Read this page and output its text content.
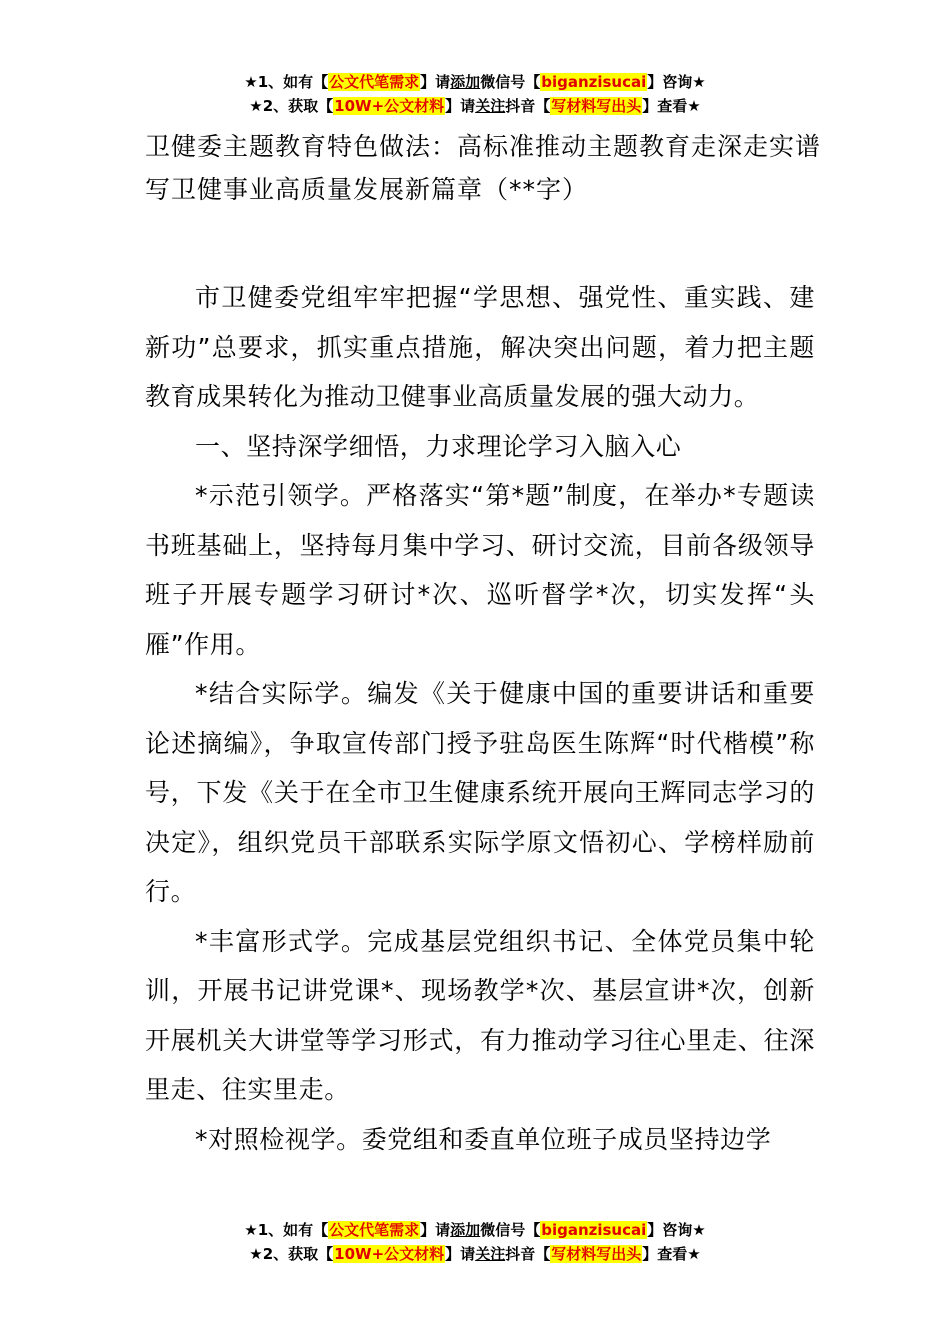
★1、如有【公文代笔需求】请添加微信号【biganzisucai】咨询★
★2、获取【10W+公文材料】请关注抖音【写材料写出头】查看★
卫健委主题教育特色做法：高标准推动主题教育走深走实谱写卫健事业高质量发展新篇章（**字）

市卫健委党组牢牢把握“学思想、强党性、重实践、建新功”总要求，抓实重点措施，解决突出问题，着力把主题教育成果转化为推动卫健事业高质量发展的强大动力。

一、坚持深学细悟，力求理论学习入脑入心

*示范引领学。严格落实“第*题”制度，在举办*专题读书班基础上，坚持每月集中学习、研讨交流，目前各级领导班子开展专题学习研讨*次、巡听督学*次，切实发挥“头雁”作用。

*结合实际学。编发《关于健康中国的重要讲话和重要论述摘编》，争取宣传部门授予驻岛医生陈辉“时代楷模”称号，下发《关于在全市卫生健康系统开展向王辉同志学习的决定》，组织党员干部联系实际学原文悟初心、学榜样励前行。

*丰富形式学。完成基层党组织书记、全体党员集中轮训，开展书记讲党课*、现场教学*次、基层宣讲*次，创新开展机关大讲堂等学习形式，有力推动学习往心里走、往深里走、往实里走。

*对照检视学。委党组和委直单位班子成员坚持边学

★1、如有【公文代笔需求】请添加微信号【biganzisucai】咨询★
★2、获取【10W+公文材料】请关注抖音【写材料写出头】查看★
